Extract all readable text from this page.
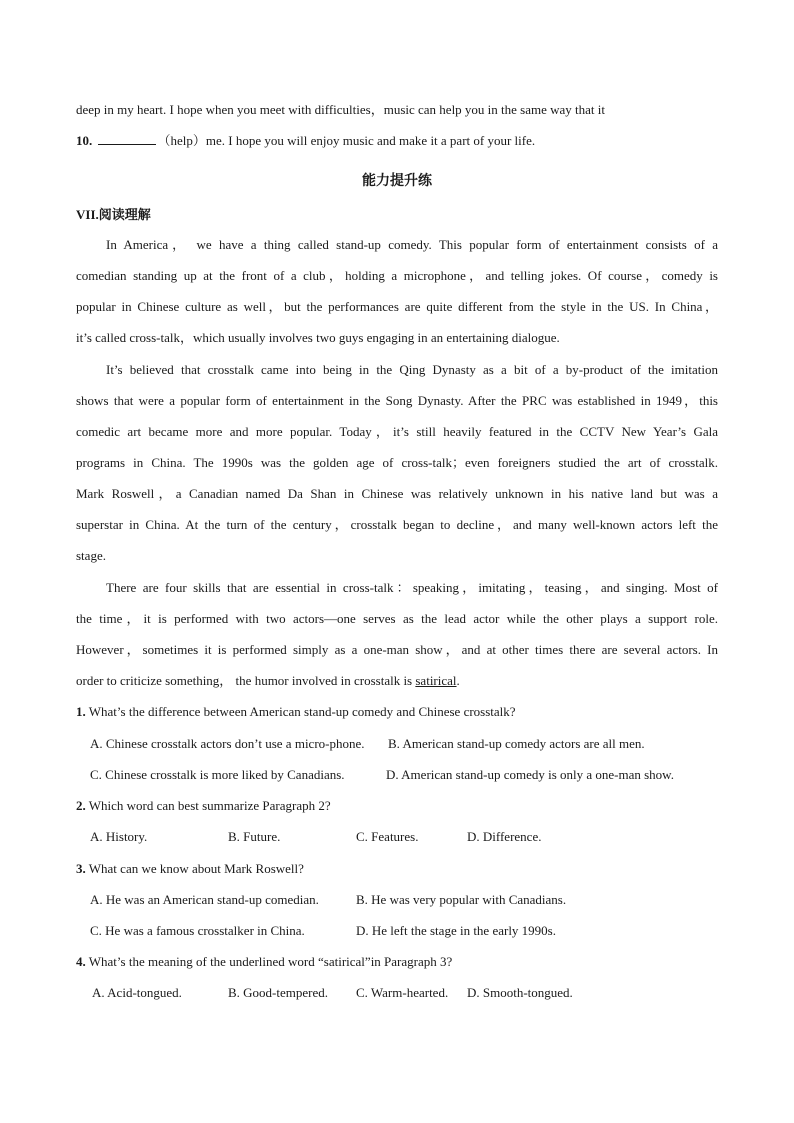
deep in my heart. I hope when you meet with difficulties，music can help you in the same way that it
10.	（help）me. I hope you will enjoy music and make it a part of your life.
能力提升练
VII.阅读理解
In America， we have a thing called stand-up comedy. This popular form of entertainment consists of a
comedian standing up at the front of a club，holding a microphone，and telling jokes. Of course，comedy is
popular in Chinese culture as well，but the performances are quite different from the style in the US. In China，
it’s called cross-talk，which usually involves two guys engaging in an entertaining dialogue.
It’s believed that crosstalk came into being in the Qing Dynasty as a bit of a by-product of the imitation
shows that were a popular form of entertainment in the Song Dynasty. After the PRC was established in 1949，this
comedic art became more and more popular. Today，it’s still heavily featured in the CCTV New Year’s Gala
programs in China. The 1990s was the golden age of cross-talk；even foreigners studied the art of crosstalk.
Mark Roswell，a Canadian named Da Shan in Chinese was relatively unknown in his native land but was a
superstar in China. At the turn of the century，crosstalk began to decline，and many well-known actors left the
stage.
There are four skills that are essential in cross-talk：speaking，imitating，teasing，and singing. Most of
the time，it is performed with two actors—one serves as the lead actor while the other plays a support role.
However，sometimes it is performed simply as a one-man show，and at other times there are several actors. In
order to criticize something， the humor involved in crosstalk is satirical.
1. What’s the difference between American stand-up comedy and Chinese crosstalk?
A. Chinese crosstalk actors don’t use a micro-phone. B. American stand-up comedy actors are all men.
C. Chinese crosstalk is more liked by Canadians.	D. American stand-up comedy is only a one-man show.
2. Which word can best summarize Paragraph 2?
A. History.	B. Future.	C. Features.	D. Difference.
3. What can we know about Mark Roswell?
A. He was an American stand-up comedian.	B. He was very popular with Canadians.
C. He was a famous crosstalker in China.	D. He left the stage in the early 1990s.
4. What’s the meaning of the underlined word “satirical”in Paragraph 3?
A. Acid-tongued.	B. Good-tempered. C. Warm-hearted. D. Smooth-tongued.
